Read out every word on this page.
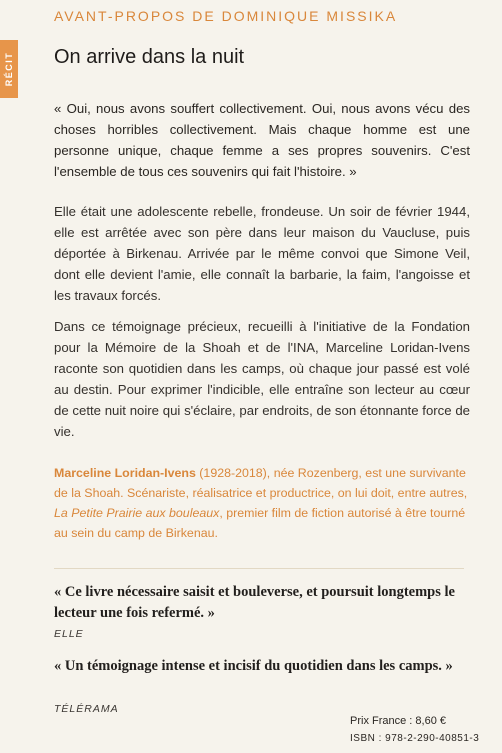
RÉCIT
AVANT-PROPOS DE DOMINIQUE MISSIKA
On arrive dans la nuit

« Oui, nous avons souffert collectivement. Oui, nous avons vécu des choses horribles collectivement. Mais chaque homme est une personne unique, chaque femme a ses propres souvenirs. C'est l'ensemble de tous ces souvenirs qui fait l'histoire. »

Elle était une adolescente rebelle, frondeuse. Un soir de février 1944, elle est arrêtée avec son père dans leur maison du Vaucluse, puis déportée à Birkenau. Arrivée par le même convoi que Simone Veil, dont elle devient l'amie, elle connaît la barbarie, la faim, l'angoisse et les travaux forcés.

Dans ce témoignage précieux, recueilli à l'initiative de la Fondation pour la Mémoire de la Shoah et de l'INA, Marceline Loridan-Ivens raconte son quotidien dans les camps, où chaque jour passé est volé au destin. Pour exprimer l'indicible, elle entraîne son lecteur au cœur de cette nuit noire qui s'éclaire, par endroits, de son étonnante force de vie.

Marceline Loridan-Ivens (1928-2018), née Rozenberg, est une survivante de la Shoah. Scénariste, réalisatrice et productrice, on lui doit, entre autres, La Petite Prairie aux bouleaux, premier film de fiction autorisé à être tourné au sein du camp de Birkenau.

« Ce livre nécessaire saisit et bouleverse, et poursuit longtemps le lecteur une fois refermé. »

ELLE

« Un témoignage intense et incisif du quotidien dans les camps. »

TÉLÉRAMA
Prix France : 8,60 €
ISBN : 978-2-290-40851-3
